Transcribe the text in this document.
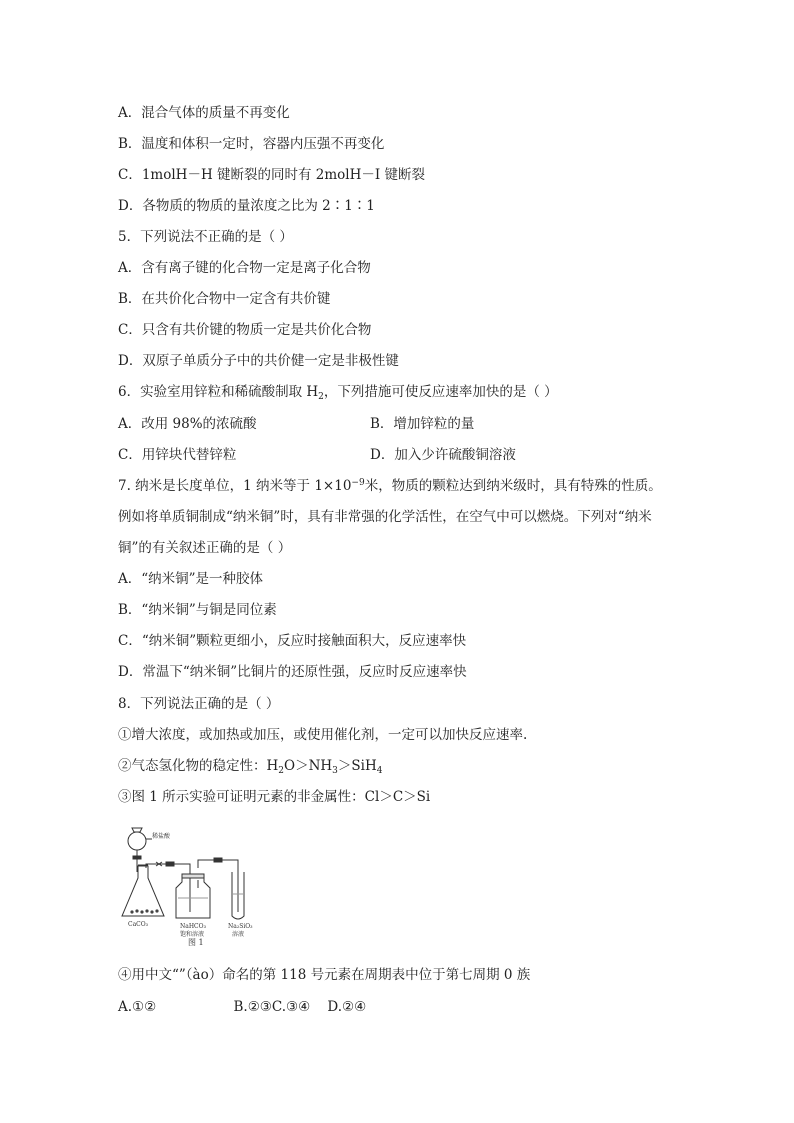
A．混合气体的质量不再变化
B．温度和体积一定时，容器内压强不再变化
C．1molH－H 键断裂的同时有 2molH－I 键断裂
D．各物质的物质的量浓度之比为 2∶1∶1
5．下列说法不正确的是（ ）
A．含有离子键的化合物一定是离子化合物
B．在共价化合物中一定含有共价键
C．只含有共价键的物质一定是共价化合物
D．双原子单质分子中的共价健一定是非极性键
6．实验室用锌粒和稀硫酸制取 $H_2$，下列措施可使反应速率加快的是（ ）
A．改用 98%的浓硫酸	B．增加锌粒的量
C．用锌块代替锌粒	D．加入少许硫酸铜溶液
7. 纳米是长度单位，1 纳米等于 $1\times 10^{-9}$米，物质的颗粒达到纳米级时，具有特殊的性质。
例如将单质铜制成“纳米铜”时，具有非常强的化学活性，在空气中可以燃烧。下列对“纳米
铜”的有关叙述正确的是（ ）
A．“纳米铜”是一种胶体
B．“纳米铜”与铜是同位素
C．“纳米铜”颗粒更细小，反应时接触面积大，反应速率快
D．常温下“纳米铜”比铜片的还原性强，反应时反应速率快
8．下列说法正确的是（ ）
①增大浓度，或加热或加压，或使用催化剂，一定可以加快反应速率.
②气态氢化物的稳定性：$H_2O>NH_3>SiH_4$
③图 1 所示实验可证明元素的非金属性：Cl＞C＞Si
稀盐酸
CaCO₃	NaHCO₃
饱和溶液
Na₂SiO₃
溶液
图 1
④用中文“”（ào）命名的第 118 号元素在周期表中位于第七周期 0 族
A.①②                  B.②③C.③④    D.②④
